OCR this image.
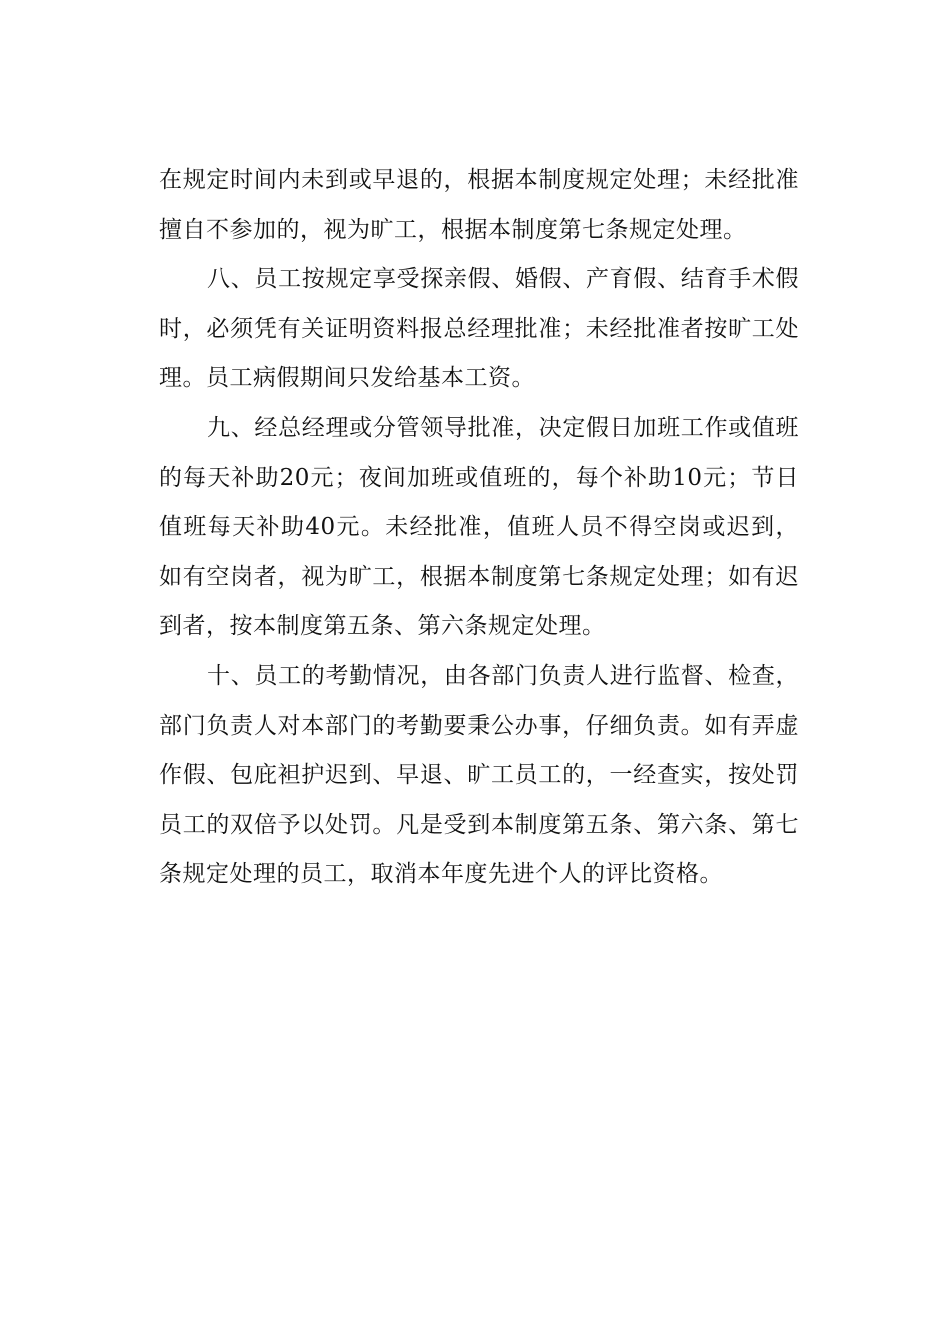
在规定时间内未到或早退的，根据本制度规定处理；未经批准擅自不参加的，视为旷工，根据本制度第七条规定处理。

八、员工按规定享受探亲假、婚假、产育假、结育手术假时，必须凭有关证明资料报总经理批准；未经批准者按旷工处理。员工病假期间只发给基本工资。

九、经总经理或分管领导批准，决定假日加班工作或值班的每天补助20元；夜间加班或值班的，每个补助10元；节日值班每天补助40元。未经批准，值班人员不得空岗或迟到，如有空岗者，视为旷工，根据本制度第七条规定处理；如有迟到者，按本制度第五条、第六条规定处理。

十、员工的考勤情况，由各部门负责人进行监督、检查，部门负责人对本部门的考勤要秉公办事，仔细负责。如有弄虚作假、包庇袒护迟到、早退、旷工员工的，一经查实，按处罚员工的双倍予以处罚。凡是受到本制度第五条、第六条、第七条规定处理的员工，取消本年度先进个人的评比资格。
